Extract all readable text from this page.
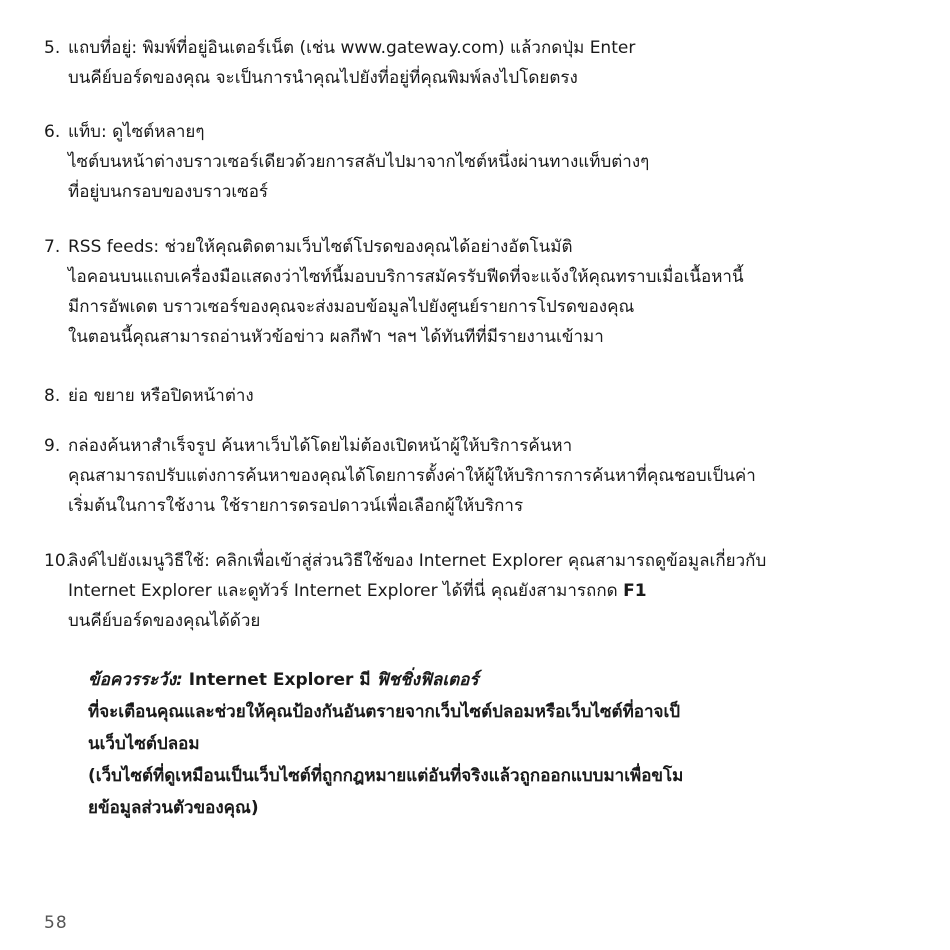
5. แถบที่อยู่: พิมพ์ที่อยู่อินเตอร์เน็ต (เช่น www.gateway.com) แล้วกดปุ่ม Enter
บนคีย์บอร์ดของคุณ จะเป็นการนำคุณไปยังที่อยู่ที่คุณพิมพ์ลงไปโดยตรง
6. แท็บ: ดูไซต์หลายๆ
ไซต์บนหน้าต่างบราวเซอร์เดียวด้วยการสลับไปมาจากไซต์หนึ่งผ่านทางแท็บต่างๆ
ที่อยู่บนกรอบของบราวเซอร์
7. RSS feeds: ช่วยให้คุณติดตามเว็บไซต์โปรดของคุณได้อย่างอัตโนมัติ
ไอคอนบนแถบเครื่องมือแสดงว่าไซท์นี้มอบบริการสมัครรับฟีดที่จะแจ้งให้คุณทราบเมื่อเนื้อหานี้
มีการอัพเดต บราวเซอร์ของคุณจะส่งมอบข้อมูลไปยังศูนย์รายการโปรดของคุณ
ในตอนนี้คุณสามารถอ่านหัวข้อข่าว ผลกีฬา ฯลฯ ได้ทันทีที่มีรายงานเข้ามา
8. ย่อ ขยาย หรือปิดหน้าต่าง
9. กล่องค้นหาสำเร็จรูป ค้นหาเว็บได้โดยไม่ต้องเปิดหน้าผู้ให้บริการค้นหา
คุณสามารถปรับแต่งการค้นหาของคุณได้โดยการตั้งค่าให้ผู้ให้บริการการค้นหาที่คุณชอบเป็นค่า
เริ่มต้นในการใช้งาน ใช้รายการดรอปดาวน์เพื่อเลือกผู้ให้บริการ
10.
ลิงค์ไปยังเมนูวิธีใช้: คลิกเพื่อเข้าสู่ส่วนวิธีใช้ของ Internet Explorer คุณสามารถดูข้อมูลเกี่ยวกับ
Internet Explorer และดูทัวร์ Internet Explorer ได้ที่นี่ คุณยังสามารถกด F1
บนคีย์บอร์ดของคุณได้ด้วย
ข้อควรระวัง: Internet Explorer มี ฟิชชิ่งฟิลเตอร์
ที่จะเตือนคุณและช่วยให้คุณป้องกันอันตรายจากเว็บไซต์ปลอมหรือเว็บไซต์ที่อาจเป็
นเว็บไซต์ปลอม
(เว็บไซต์ที่ดูเหมือนเป็นเว็บไซต์ที่ถูกกฎหมายแต่อันที่จริงแล้วถูกออกแบบมาเพื่อขโม
ยข้อมูลส่วนตัวของคุณ)
58
